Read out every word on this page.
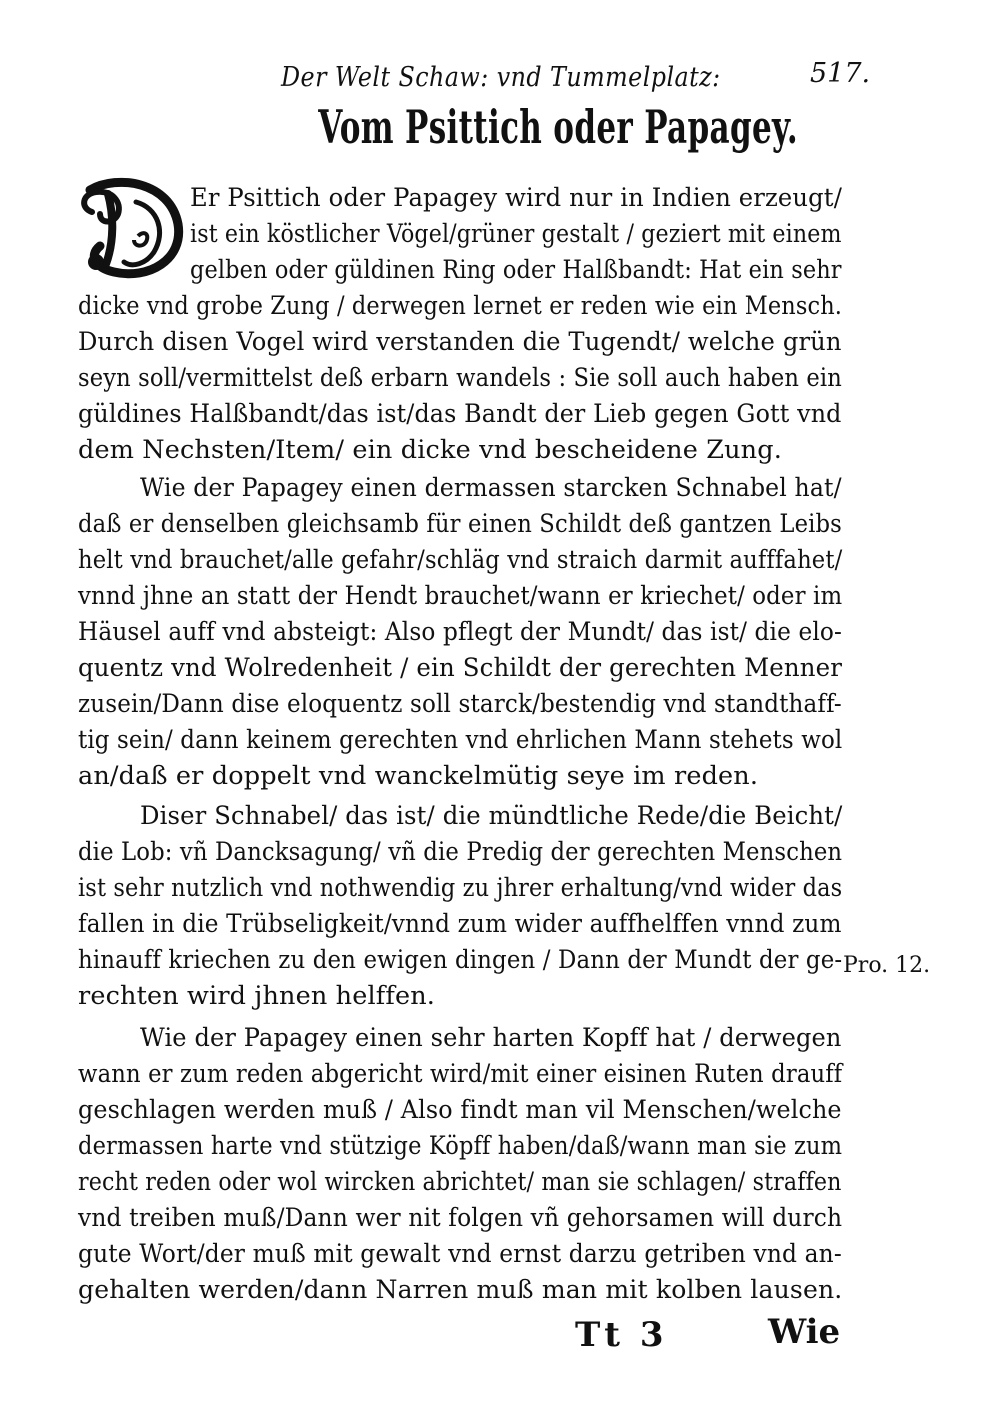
Der Welt Schaw: vnd Tummelplatz:	517.
Vom Psittich oder Papagey.
Er Psittich oder Papagey wird nur in Indien erzeugt/
ist ein köstlicher Vögel/grüner gestalt / geziert mit einem
gelben oder güldinen Ring oder Halßbandt: Hat ein sehr
dicke vnd grobe Zung / derwegen lernet er reden wie ein Mensch.
Durch disen Vogel wird verstanden die Tugendt/ welche grün
seyn soll/vermittelst deß erbarn wandels : Sie soll auch haben ein
güldines Halßbandt/das ist/das Bandt der Lieb gegen Gott vnd
dem Nechsten/Item/ ein dicke vnd bescheidene Zung.
Wie der Papagey einen dermassen starcken Schnabel hat/
daß er denselben gleichsamb für einen Schildt deß gantzen Leibs
helt vnd brauchet/alle gefahr/schläg vnd straich darmit aufffahet/
vnnd jhne an statt der Hendt brauchet/wann er kriechet/ oder im
Häusel auff vnd absteigt: Also pflegt der Mundt/ das ist/ die elo-
quentz vnd Wolredenheit / ein Schildt der gerechten Menner
zusein/Dann dise eloquentz soll starck/bestendig vnd standthaff-
tig sein/ dann keinem gerechten vnd ehrlichen Mann stehets wol
an/daß er doppelt vnd wanckelmütig seye im reden.
Diser Schnabel/ das ist/ die mündtliche Rede/die Beicht/
die Lob: vñ Dancksagung/ vñ die Predig der gerechten Menschen
ist sehr nutzlich vnd nothwendig zu jhrer erhaltung/vnd wider das
fallen in die Trübseligkeit/vnnd zum wider auffhelffen vnnd zum
hinauff kriechen zu den ewigen dingen / Dann der Mundt der ge-
rechten wird jhnen helffen.
Wie der Papagey einen sehr harten Kopff hat / derwegen
wann er zum reden abgericht wird/mit einer eisinen Ruten drauff
geschlagen werden muß / Also findt man vil Menschen/welche
dermassen harte vnd stützige Köpff haben/daß/wann man sie zum
recht reden oder wol wircken abrichtet/ man sie schlagen/ straffen
vnd treiben muß/Dann wer nit folgen vñ gehorsamen will durch
gute Wort/der muß mit gewalt vnd ernst darzu getriben vnd an-
gehalten werden/dann Narren muß man mit kolben lausen.
Pro. 12.
Tt 3	Wie
